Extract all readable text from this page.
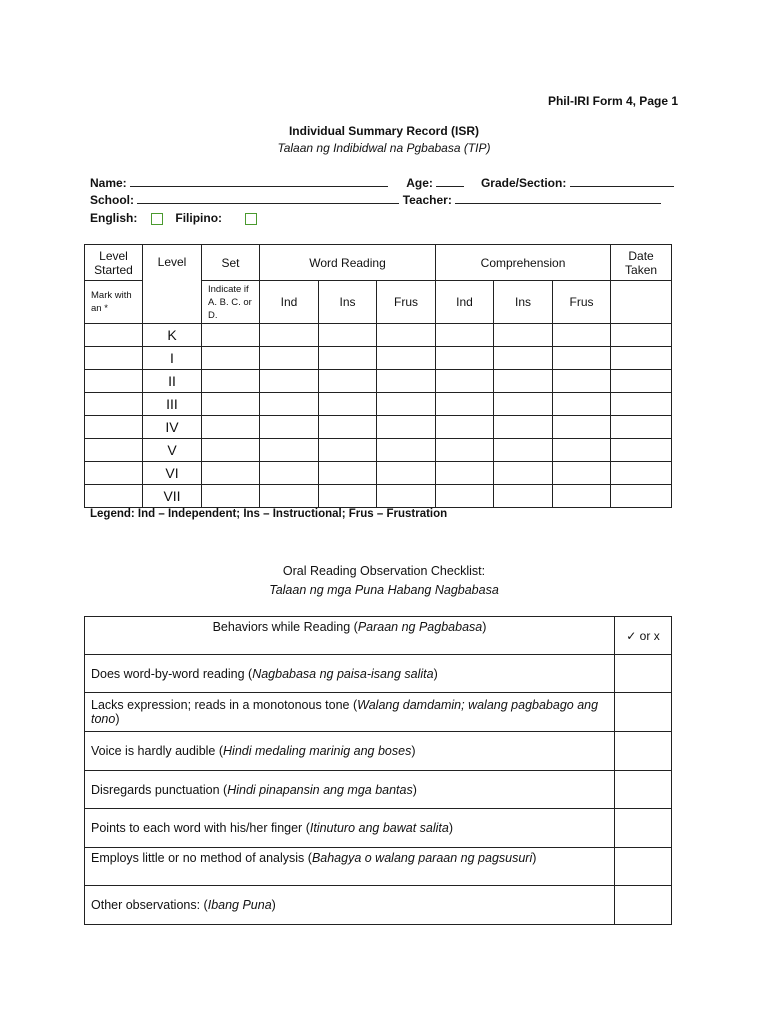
Phil-IRI Form 4, Page 1
Individual Summary Record (ISR)
Talaan ng Indibidwal na Pgbabasa (TIP)
Name:	Age:	Grade/Section:
School:	Teacher:
English:	Filipino:
Level Started	Level	Set	Word Reading			Comprehension			Date Taken
Mark with an *		Indicate if A. B. C. or D.	Ind	Ins	Frus	Ind	Ins	Frus	
	K								
	I								
	II								
	III								
	IV								
	V								
	VI								
	VII								
Legend: Ind – Independent; Ins – Instructional; Frus – Frustration
Oral Reading Observation Checklist:
Talaan ng mga Puna Habang Nagbabasa
Behaviors while Reading (Paraan ng Pagbabasa)	✓ or x
Does word-by-word reading (Nagbabasa ng paisa-isang salita)	
Lacks expression; reads in a monotonous tone (Walang damdamin; walang pagbabago ang tono)	
Voice is hardly audible (Hindi medaling marinig ang boses)	
Disregards punctuation (Hindi pinapansin ang mga bantas)	
Points to each word with his/her finger (Itinuturo ang bawat salita)	
Employs little or no method of analysis (Bahagya o walang paraan ng pagsusuri)	
Other observations: (Ibang Puna)	
